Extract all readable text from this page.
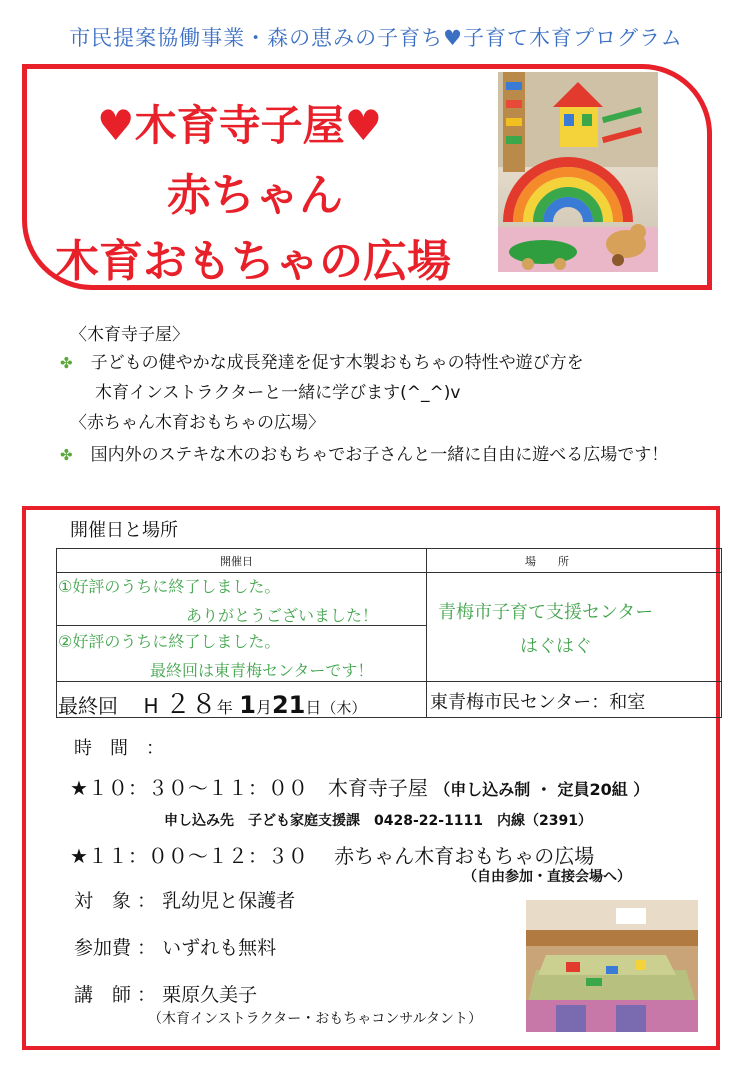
市民提案協働事業・森の恵みの子育ち♥子育て木育プログラム
♥木育寺子屋♥
赤ちゃん
木育おもちゃの広場
〈木育寺子屋〉
✤ 子どもの健やかな成長発達を促す木製おもちゃの特性や遊び方を
木育インストラクターと一緒に学びます(^_^)v
〈赤ちゃん木育おもちゃの広場〉
✤ 国内外のステキな木のおもちゃでお子さんと一緒に自由に遊べる広場です！
開催日と場所
開催日	場　　所
①好評のうちに終了しました。
ありがとうございました！
②好評のうちに終了しました。
最終回は東青梅センターです！
青梅市子育て支援センター
はぐはぐ
最終回 H ２８年 1月21日（木）	東青梅市民センター：和室
時　間　：
★１０：３０〜１１：００　木育寺子屋 （申し込み制 ・ 定員20組 ）
申し込み先　子ども家庭支援課　0428-22-1111　内線（2391）
★１１：００〜１２：３０　 赤ちゃん木育おもちゃの広場
（自由参加・直接会場へ）
対　象 ： 乳幼児と保護者
参加費 ： いずれも無料
講　師 ： 栗原久美子
（木育インストラクター・おもちゃコンサルタント）
